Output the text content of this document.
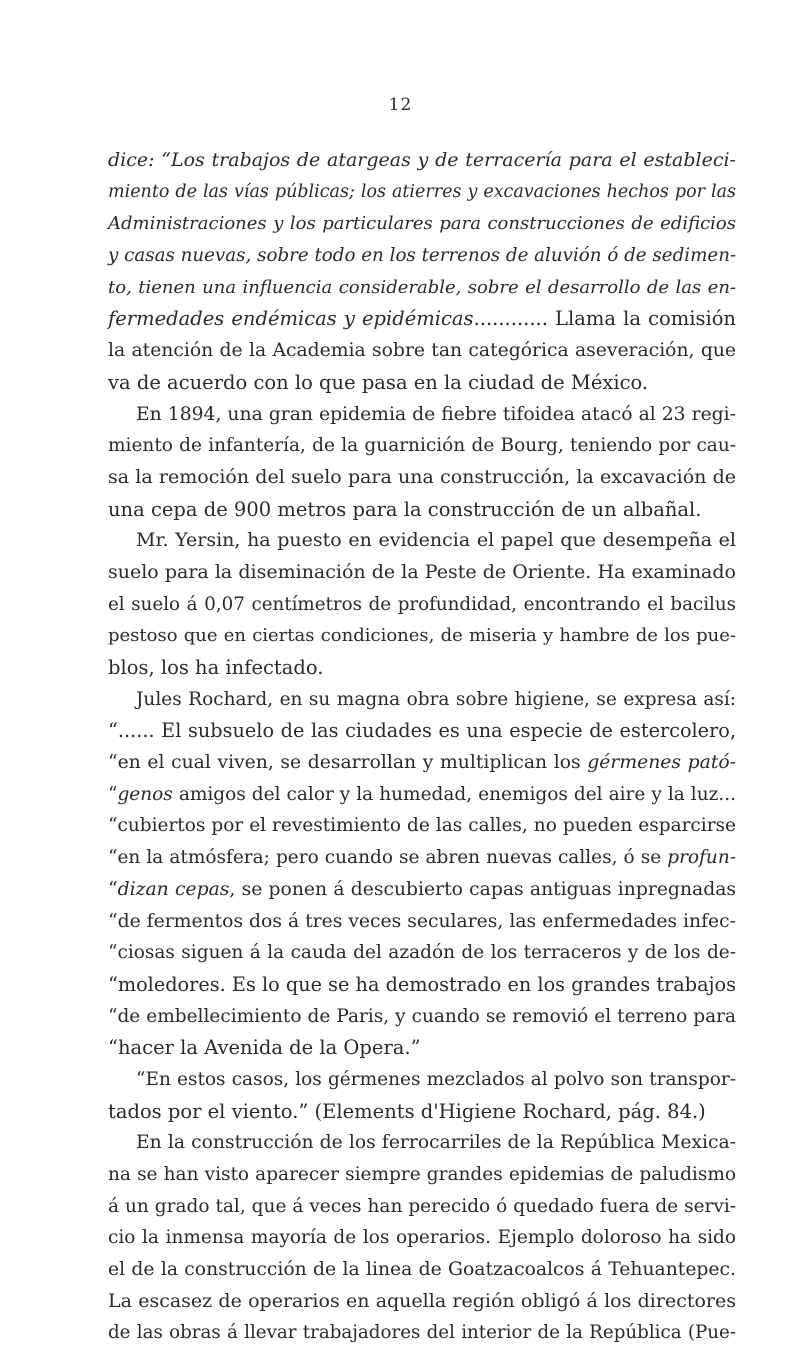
12
dice: “Los trabajos de atargeas y de terracería para el estableci-
miento de las vías públicas; los atierres y excavaciones hechos por las
Administraciones y los particulares para construcciones de edificios
y casas nuevas, sobre todo en los terrenos de aluvión ó de sedimen-
to, tienen una influencia considerable, sobre el desarrollo de las en-
fermedades endémicas y epidémicas............ Llama la comisión
la atención de la Academia sobre tan categórica aseveración, que
va de acuerdo con lo que pasa en la ciudad de México.
En 1894, una gran epidemia de fiebre tifoidea atacó al 23 regi-
miento de infantería, de la guarnición de Bourg, teniendo por cau-
sa la remoción del suelo para una construcción, la excavación de
una cepa de 900 metros para la construcción de un albañal.
Mr. Yersin, ha puesto en evidencia el papel que desempeña el
suelo para la diseminación de la Peste de Oriente. Ha examinado
el suelo á 0,07 centímetros de profundidad, encontrando el bacilus
pestoso que en ciertas condiciones, de miseria y hambre de los pue-
blos, los ha infectado.
Jules Rochard, en su magna obra sobre higiene, se expresa así:
“...... El subsuelo de las ciudades es una especie de estercolero,
“en el cual viven, se desarrollan y multiplican los gérmenes pató-
“genos amigos del calor y la humedad, enemigos del aire y la luz...
“cubiertos por el revestimiento de las calles, no pueden esparcirse
“en la atmósfera; pero cuando se abren nuevas calles, ó se profun-
“dizan cepas, se ponen á descubierto capas antiguas inpregnadas
“de fermentos dos á tres veces seculares, las enfermedades infec-
“ciosas siguen á la cauda del azadón de los terraceros y de los de-
“moledores. Es lo que se ha demostrado en los grandes trabajos
“de embellecimiento de Paris, y cuando se removió el terreno para
“hacer la Avenida de la Opera.”
“En estos casos, los gérmenes mezclados al polvo son transpor-
tados por el viento.” (Elements d'Higiene Rochard, pág. 84.)
En la construcción de los ferrocarriles de la República Mexica-
na se han visto aparecer siempre grandes epidemias de paludismo
á un grado tal, que á veces han perecido ó quedado fuera de servi-
cio la inmensa mayoría de los operarios. Ejemplo doloroso ha sido
el de la construcción de la linea de Goatzacoalcos á Tehuantepec.
La escasez de operarios en aquella región obligó á los directores
de las obras á llevar trabajadores del interior de la República (Pue-
